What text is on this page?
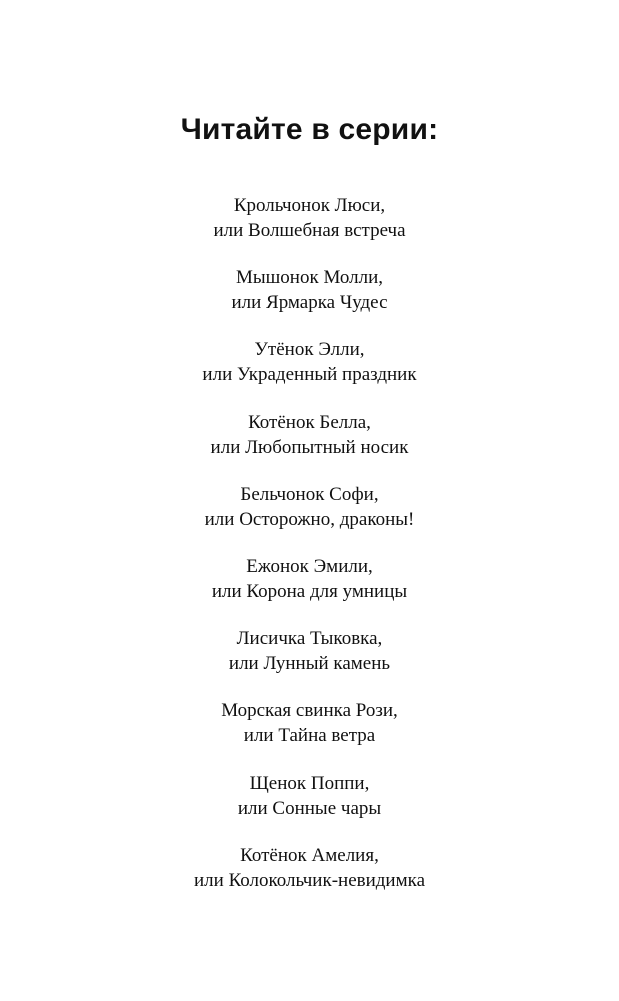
Читайте в серии:
Крольчонок Люси,
или Волшебная встреча
Мышонок Молли,
или Ярмарка Чудес
Утёнок Элли,
или Украденный праздник
Котёнок Белла,
или Любопытный носик
Бельчонок Софи,
или Осторожно, драконы!
Ежонок Эмили,
или Корона для умницы
Лисичка Тыковка,
или Лунный камень
Морская свинка Рози,
или Тайна ветра
Щенок Поппи,
или Сонные чары
Котёнок Амелия,
или Колокольчик-невидимка
